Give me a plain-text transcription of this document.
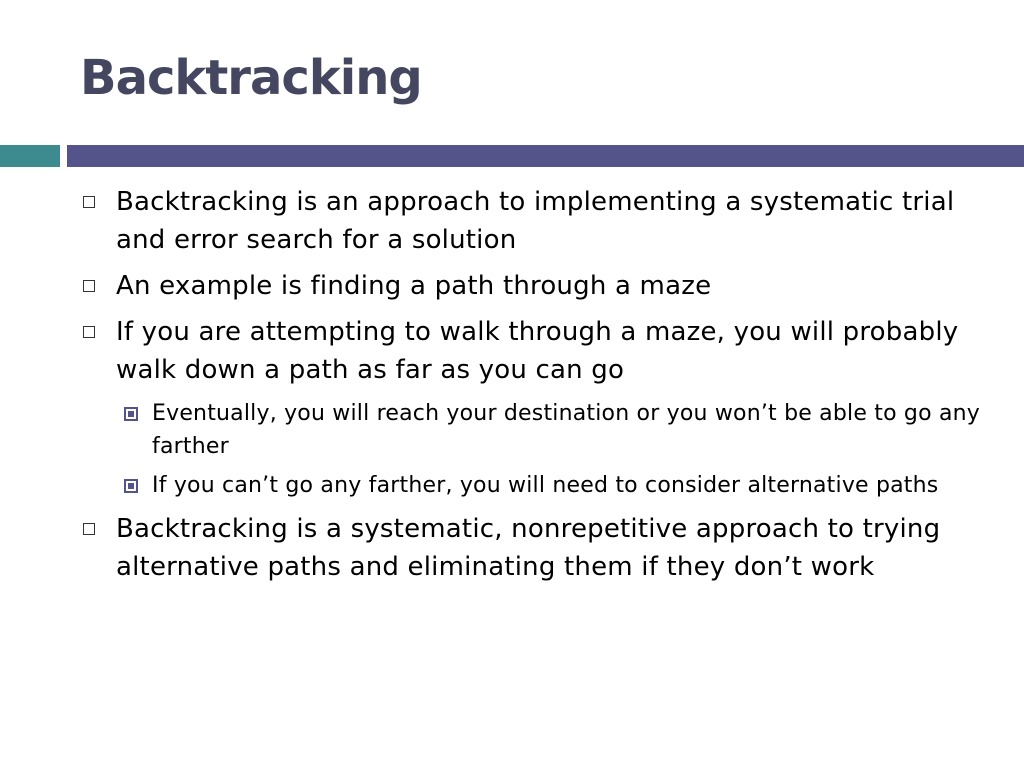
Backtracking
Backtracking is an approach to implementing a systematic trial and error search for a solution
An example is finding a path through a maze
If you are attempting to walk through a maze, you will probably walk down a path as far as you can go
Eventually, you will reach your destination or you won’t be able to go any farther
If you can’t go any farther, you will need to consider alternative paths
Backtracking is a systematic, nonrepetitive approach to trying alternative paths and eliminating them if they don’t work
